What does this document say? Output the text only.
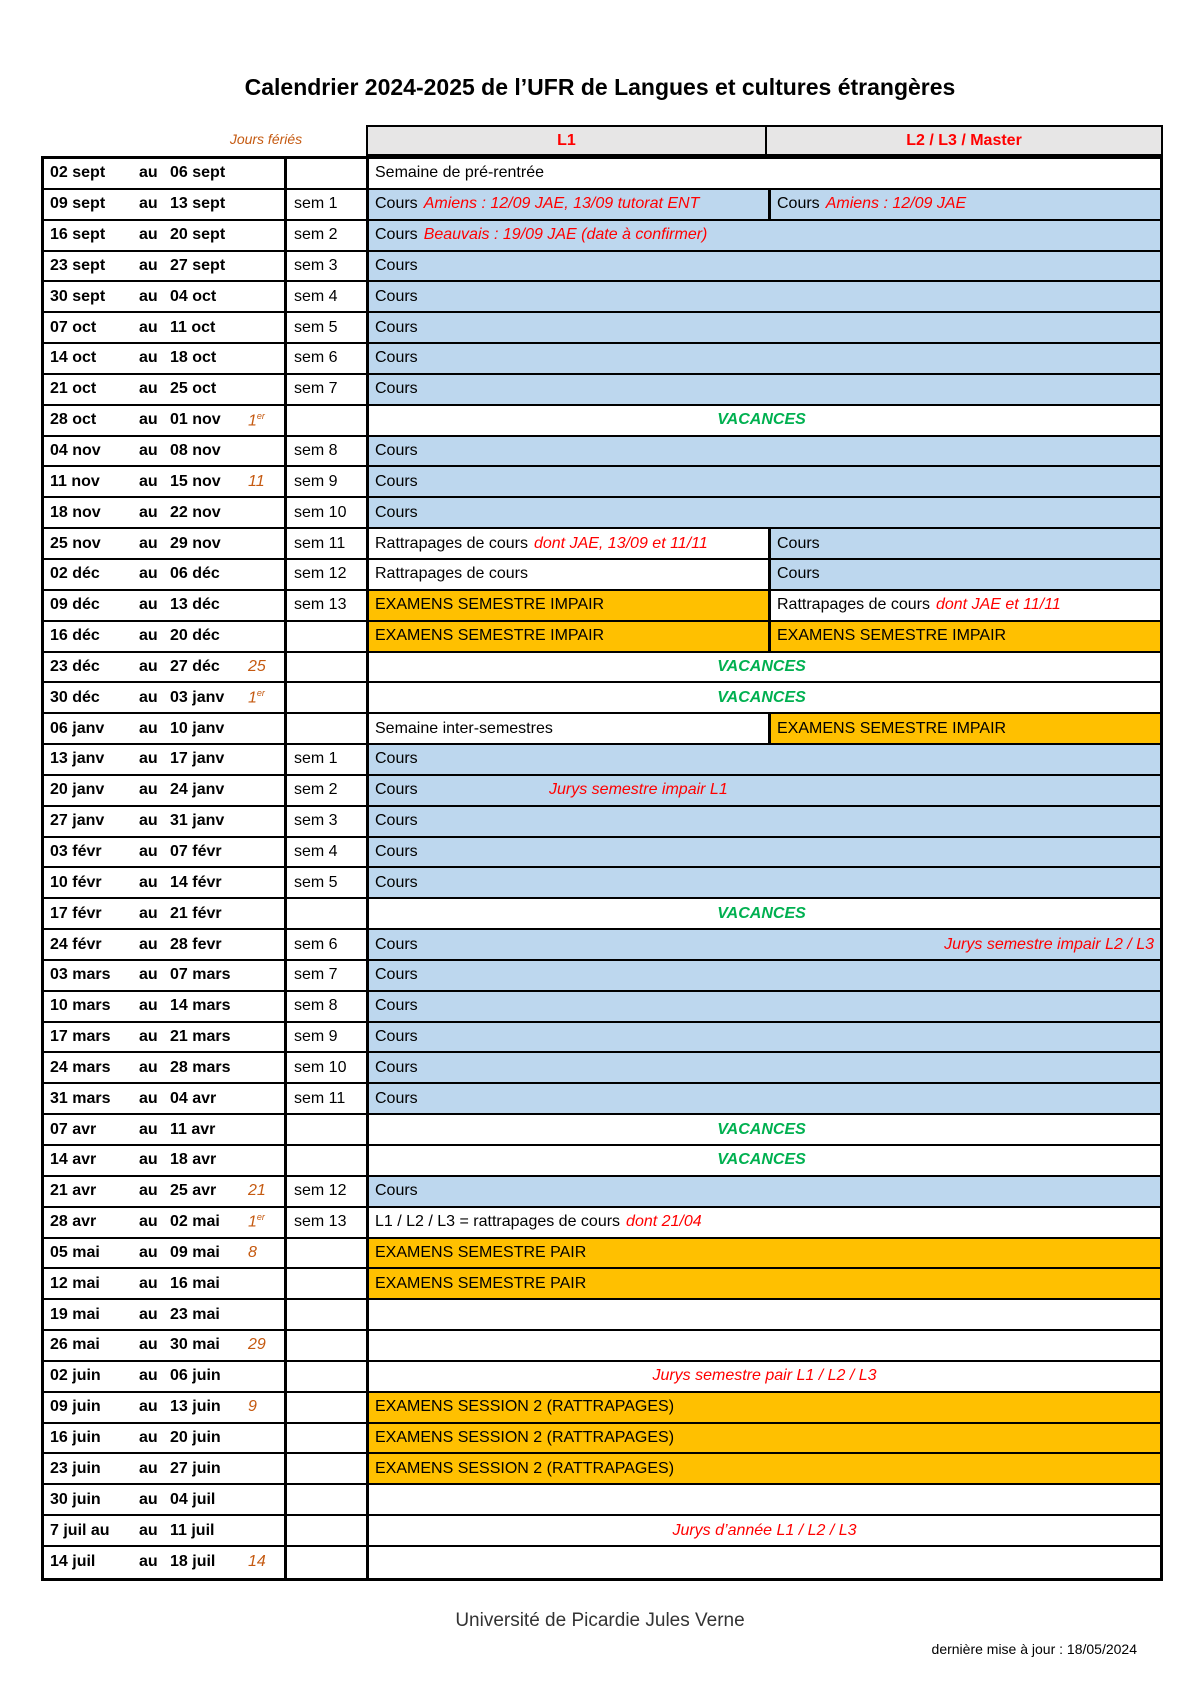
Calendrier 2024-2025 de l’UFR de Langues et cultures étrangères
Jours fériés	L1	L2 / L3 / Master
02 sept au 06 sept	Semaine de pré-rentrée
09 sept au 13 sept	sem 1	Cours Amiens : 12/09 JAE, 13/09 tutorat ENT	Cours Amiens : 12/09 JAE
16 sept au 20 sept	sem 2	Cours Beauvais : 19/09 JAE (date à confirmer)
23 sept au 27 sept	sem 3	Cours
30 sept au 04 oct	sem 4	Cours
07 oct	au 11 oct	sem 5	Cours
14 oct	au 18 oct	sem 6	Cours
21 oct	au 25 oct	sem 7	Cours
28 oct	au 01 nov 1er	VACANCES
04 nov au 08 nov	sem 8	Cours
11 nov au 15 nov 11	sem 9	Cours
18 nov au 22 nov	sem 10	Cours
25 nov au 29 nov	sem 11	Rattrapages de cours dont JAE, 13/09 et 11/11	Cours
02 déc au 06 déc	sem 12	Rattrapages de cours	Cours
09 déc au 13 déc	sem 13	EXAMENS SEMESTRE IMPAIR	Rattrapages de cours dont JAE et 11/11
16 déc au 20 déc	EXAMENS SEMESTRE IMPAIR	EXAMENS SEMESTRE IMPAIR
23 déc au 27 déc 25	VACANCES
30 déc au 03 janv 1er	VACANCES
06 janv au 10 janv	Semaine inter-semestres	EXAMENS SEMESTRE IMPAIR
13 janv au 17 janv	sem 1	Cours
20 janv au 24 janv	sem 2	Cours	Jurys semestre impair L1
27 janv au 31 janv	sem 3	Cours
03 févr au 07 févr	sem 4	Cours
10 févr au 14 févr	sem 5	Cours
17 févr au 21 févr	VACANCES
24 févr au 28 fevr	sem 6	Cours	Jurys semestre impair L2 / L3
03 mars au 07 mars	sem 7	Cours
10 mars au 14 mars	sem 8	Cours
17 mars au 21 mars	sem 9	Cours
24 mars au 28 mars	sem 10	Cours
31 mars au 04 avr	sem 11	Cours
07 avr	au 11 avr	VACANCES
14 avr	au 18 avr	VACANCES
21 avr	au 25 avr 21	sem 12	Cours
28 avr	au 02 mai 1er	sem 13	L1 / L2 / L3 = rattrapages de cours dont 21/04
05 mai au 09 mai 8	EXAMENS SEMESTRE PAIR
12 mai au 16 mai	EXAMENS SEMESTRE PAIR
19 mai au 23 mai
26 mai au 30 mai 29
02 juin au 06 juin	Jurys semestre pair L1 / L2 / L3
09 juin au 13 juin 9	EXAMENS SESSION 2 (RATTRAPAGES)
16 juin au 20 juin	EXAMENS SESSION 2 (RATTRAPAGES)
23 juin au 27 juin	EXAMENS SESSION 2 (RATTRAPAGES)
30 juin au 04 juil
7 juil au au 11 juil	Jurys d’année L1 / L2 / L3
14 juil	au 18 juil 14
Université de Picardie Jules Verne
dernière mise à jour : 18/05/2024
